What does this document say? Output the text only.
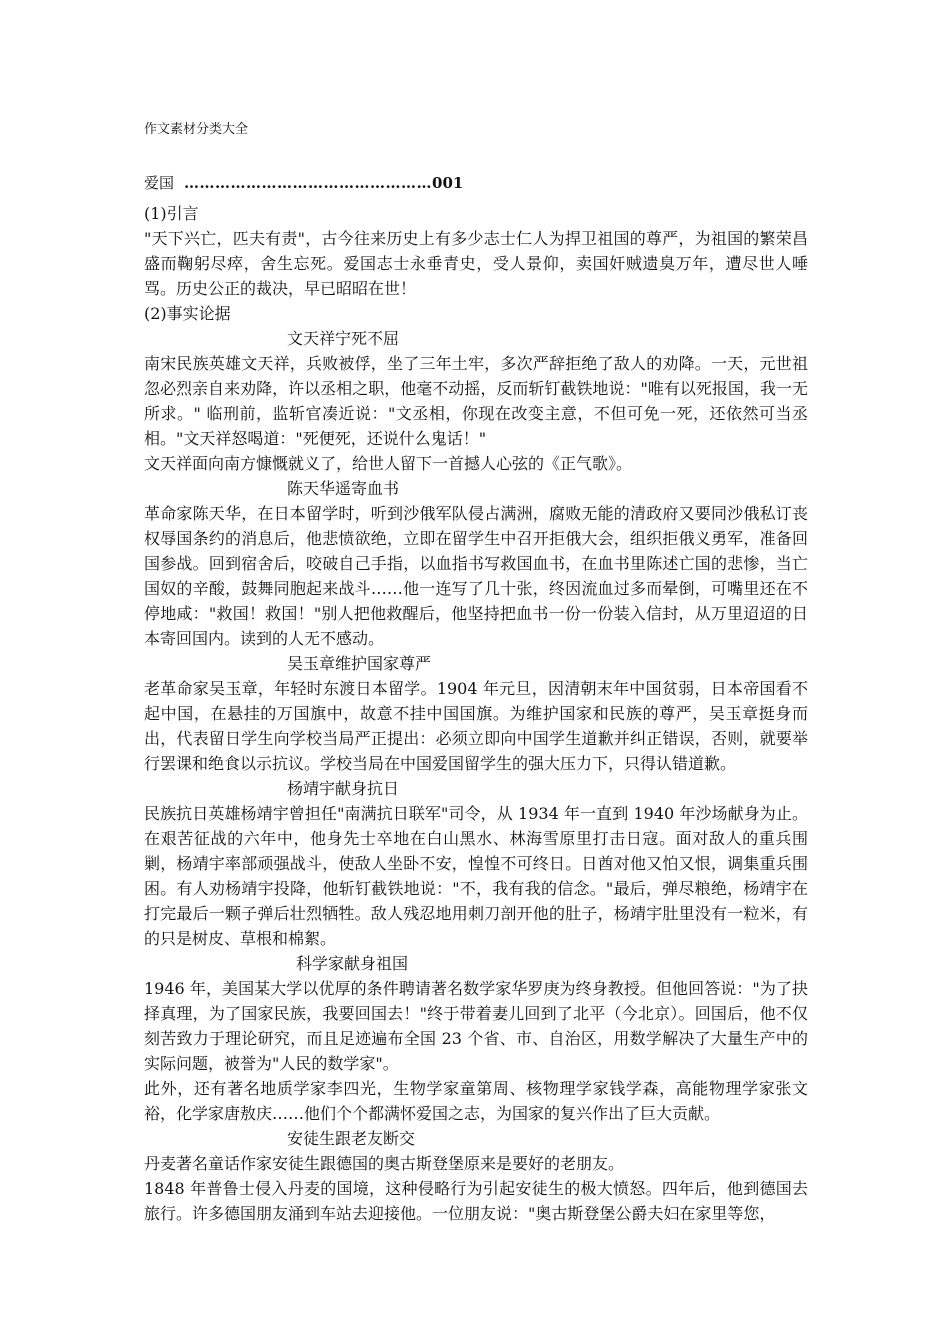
作文素材分类大全
爱国 …………………………………………001

(1)引言

"天下兴亡，匹夫有责"，古今往来历史上有多少志士仁人为捍卫祖国的尊严，为祖国的繁荣昌盛而鞠躬尽瘁，舍生忘死。爱国志士永垂青史，受人景仰，卖国奸贼遗臭万年，遭尽世人唾骂。历史公正的裁决，早已昭昭在世！

(2)事实论据

文天祥宁死不屈

南宋民族英雄文天祥，兵败被俘，坐了三年土牢，多次严辞拒绝了敌人的劝降。一天，元世祖忽必烈亲自来劝降，许以丞相之职，他毫不动摇，反而斩钉截铁地说："唯有以死报国，我一无所求。" 临刑前，监斩官凑近说："文丞相，你现在改变主意，不但可免一死，还依然可当丞相。"文天祥怒喝道："死便死，还说什么鬼话！"

文天祥面向南方慷慨就义了，给世人留下一首撼人心弦的《正气歌》。

陈天华遥寄血书

革命家陈天华，在日本留学时，听到沙俄军队侵占满洲，腐败无能的清政府又要同沙俄私订丧权辱国条约的消息后，他悲愤欲绝，立即在留学生中召开拒俄大会，组织拒俄义勇军，准备回国参战。回到宿舍后，咬破自己手指，以血指书写救国血书，在血书里陈述亡国的悲惨，当亡国奴的辛酸，鼓舞同胞起来战斗……他一连写了几十张，终因流血过多而晕倒，可嘴里还在不停地咸："救国！救国！"别人把他救醒后，他坚持把血书一份一份装入信封，从万里迢迢的日本寄回国内。读到的人无不感动。

吴玉章维护国家尊严

老革命家吴玉章，年轻时东渡日本留学。1904 年元旦，因清朝末年中国贫弱，日本帝国看不起中国，在悬挂的万国旗中，故意不挂中国国旗。为维护国家和民族的尊严，吴玉章挺身而出，代表留日学生向学校当局严正提出：必须立即向中国学生道歉并纠正错误，否则，就要举行罢课和绝食以示抗议。学校当局在中国爱国留学生的强大压力下，只得认错道歉。

杨靖宇献身抗日

民族抗日英雄杨靖宇曾担任"南满抗日联军"司令，从 1934 年一直到 1940 年沙场献身为止。在艰苦征战的六年中，他身先士卒地在白山黑水、林海雪原里打击日寇。面对敌人的重兵围剿，杨靖宇率部顽强战斗，使敌人坐卧不安，惶惶不可终日。日酋对他又怕又恨，调集重兵围困。有人劝杨靖宇投降，他斩钉截铁地说："不，我有我的信念。"最后，弹尽粮绝，杨靖宇在打完最后一颗子弹后壮烈牺牲。敌人残忍地用刺刀剖开他的肚子，杨靖宇肚里没有一粒米，有的只是树皮、草根和棉絮。

科学家献身祖国

1946 年，美国某大学以优厚的条件聘请著名数学家华罗庚为终身教授。但他回答说："为了抉择真理，为了国家民族，我要回国去！"终于带着妻儿回到了北平（今北京）。回国后，他不仅刻苦致力于理论研究，而且足迹遍布全国 23 个省、市、自治区，用数学解决了大量生产中的实际问题，被誉为"人民的数学家"。

此外，还有著名地质学家李四光，生物学家童第周、核物理学家钱学森，高能物理学家张文裕，化学家唐敖庆……他们个个都满怀爱国之志，为国家的复兴作出了巨大贡献。

安徒生跟老友断交

丹麦著名童话作家安徒生跟德国的奥古斯登堡原来是要好的老朋友。

1848 年普鲁士侵入丹麦的国境，这种侵略行为引起安徒生的极大愤怒。四年后，他到德国去旅行。许多德国朋友涌到车站去迎接他。一位朋友说："奥古斯登堡公爵夫妇在家里等您，
